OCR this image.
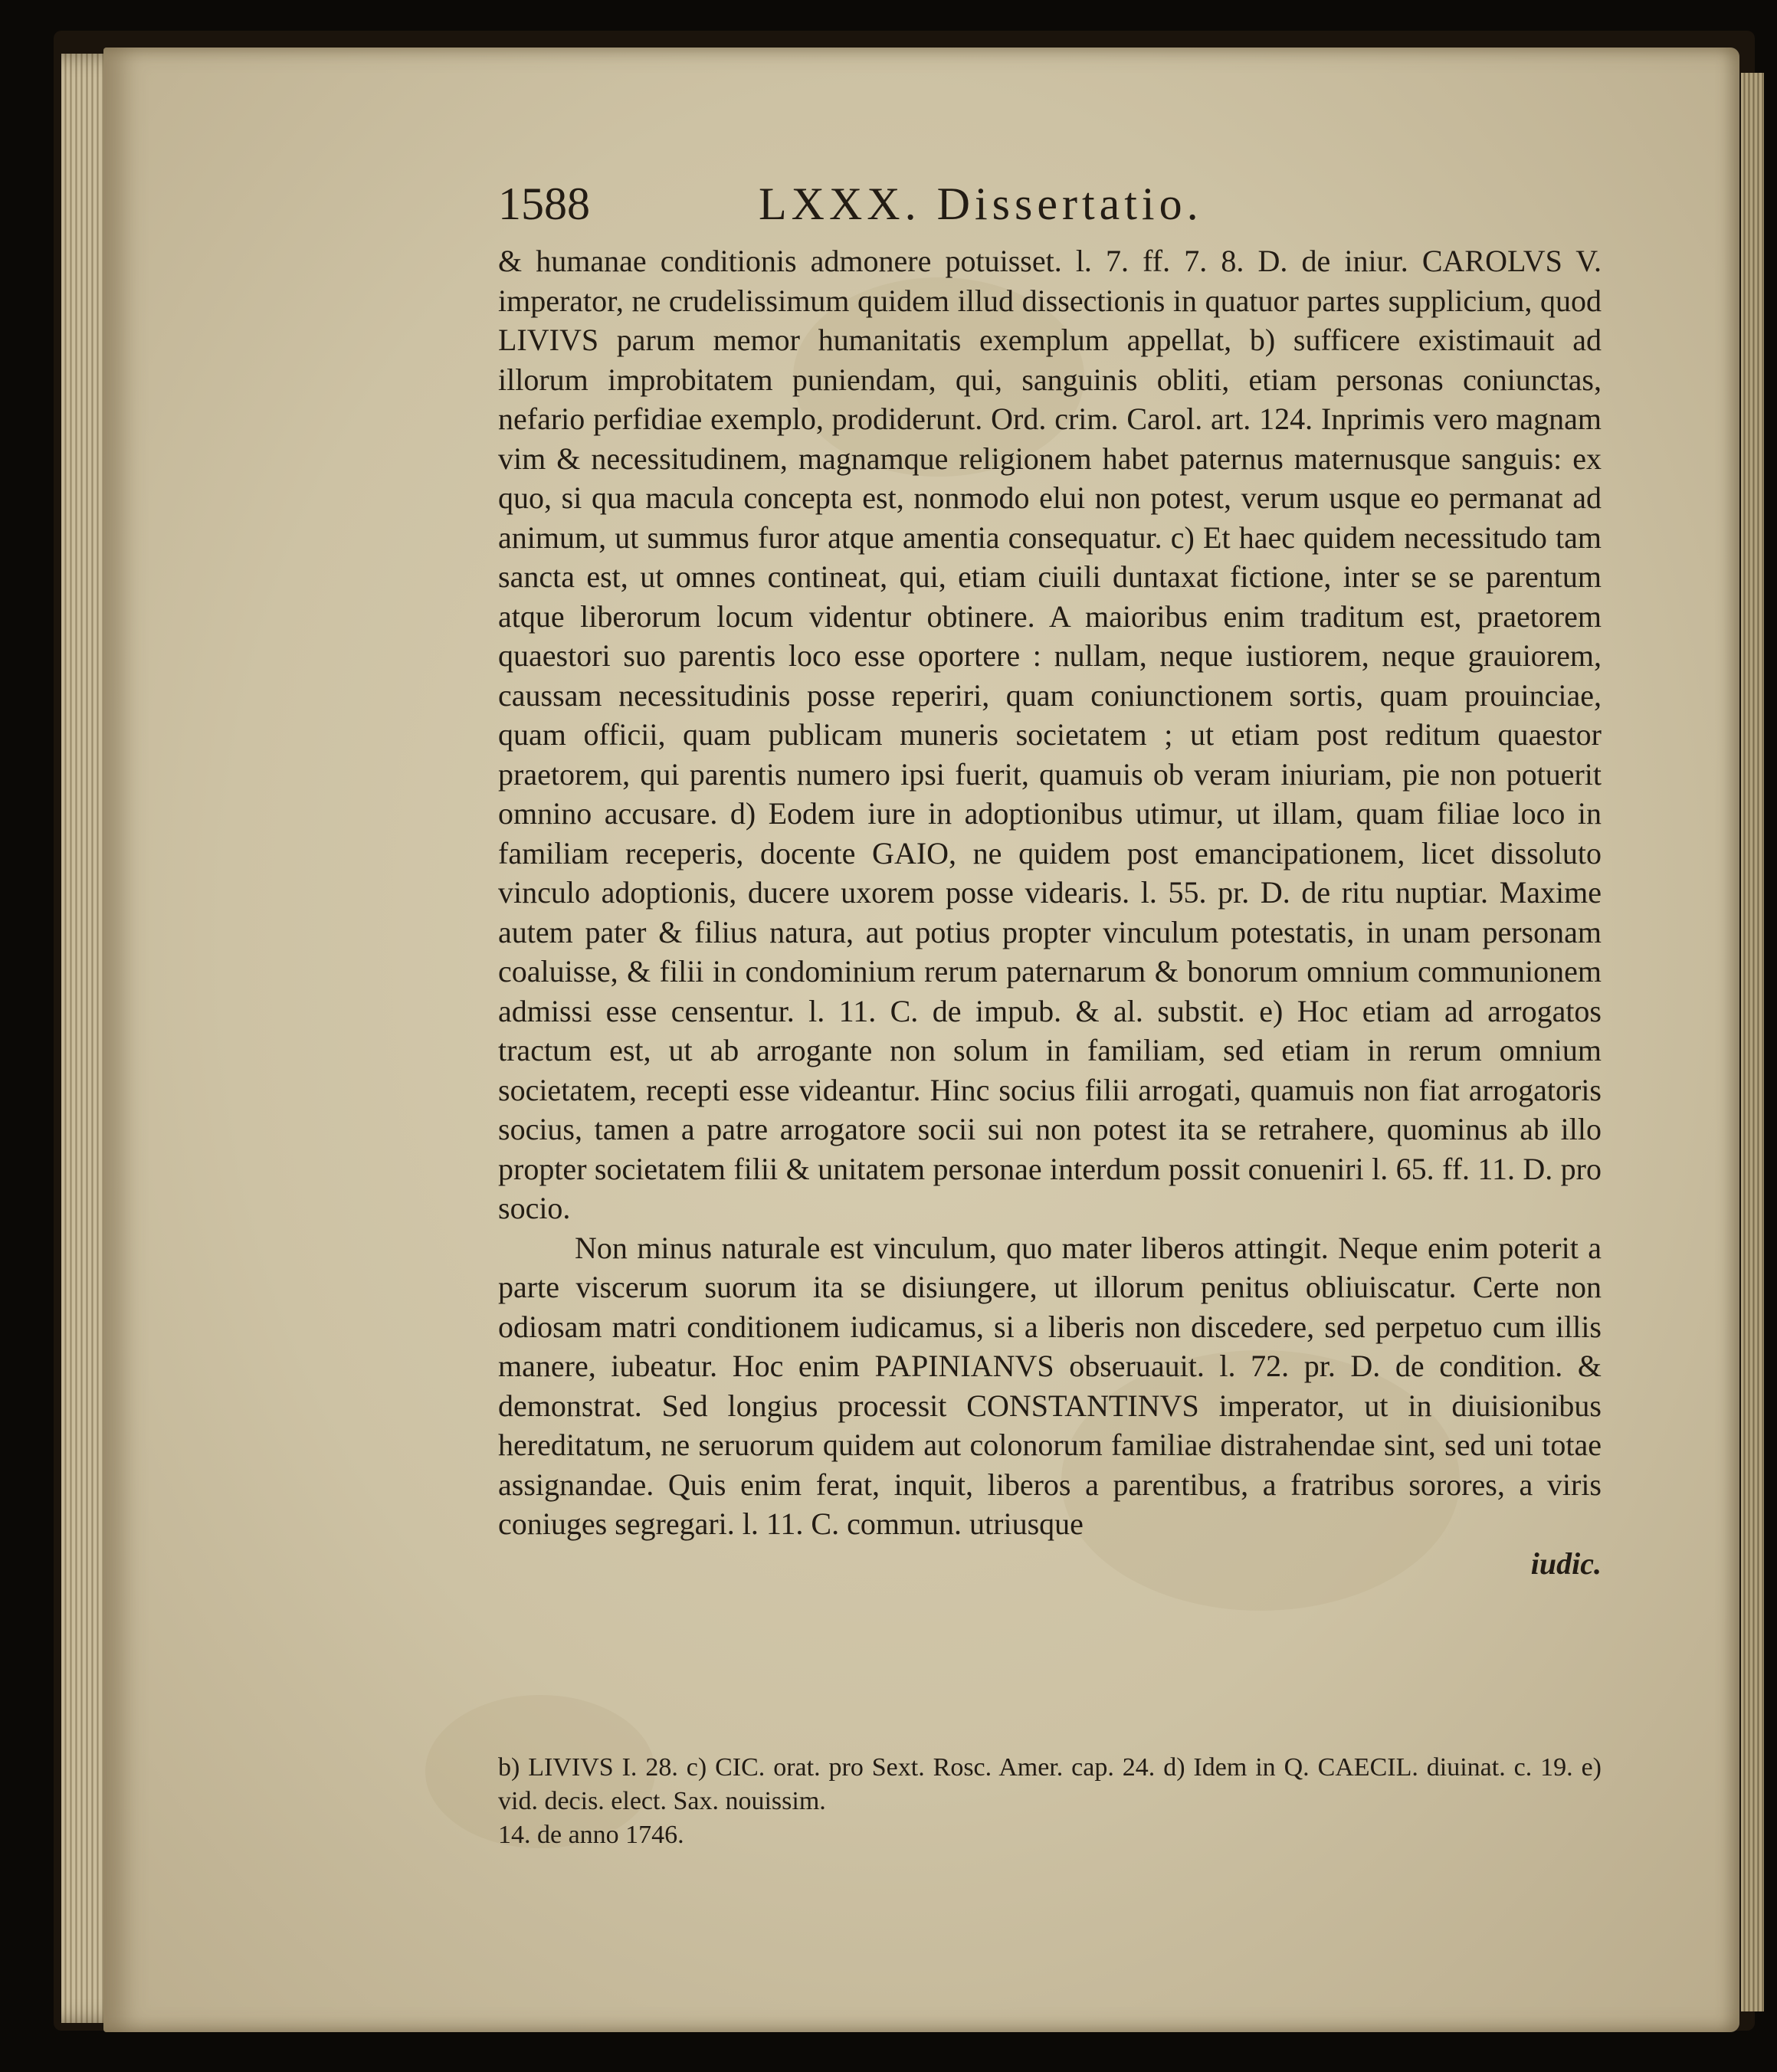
1588	LXXX. Dissertatio.

& humanae conditionis admonere potuisset. l. 7. ff. 7. 8. D. de iniur. CAROLVS V. imperator, ne crudelissimum quidem illud dissectionis in quatuor partes supplicium, quod LIVIVS parum memor humanitatis exemplum appellat, b) sufficere existimauit ad illorum improbitatem puniendam, qui, sanguinis obliti, etiam personas coniunctas, nefario perfidiae exemplo, prodiderunt. Ord. crim. Carol. art. 124. Inprimis vero magnam vim & necessitudinem, magnamque religionem habet paternus maternusque sanguis: ex quo, si qua macula concepta est, nonmodo elui non potest, verum usque eo permanat ad animum, ut summus furor atque amentia consequatur. c) Et haec quidem necessitudo tam sancta est, ut omnes contineat, qui, etiam ciuili duntaxat fictione, inter se se parentum atque liberorum locum videntur obtinere. A maioribus enim traditum est, praetorem quaestori suo parentis loco esse oportere : nullam, neque iustiorem, neque grauiorem, caussam necessitudinis posse reperiri, quam coniunctionem sortis, quam prouinciae, quam officii, quam publicam muneris societatem ; ut etiam post reditum quaestor praetorem, qui parentis numero ipsi fuerit, quamuis ob veram iniuriam, pie non potuerit omnino accusare. d) Eodem iure in adoptionibus utimur, ut illam, quam filiae loco in familiam receperis, docente GAIO, ne quidem post emancipationem, licet dissoluto vinculo adoptionis, ducere uxorem posse videaris. l. 55. pr. D. de ritu nuptiar. Maxime autem pater & filius natura, aut potius propter vinculum potestatis, in unam personam coaluisse, & filii in condominium rerum paternarum & bonorum omnium communionem admissi esse censentur. l. 11. C. de impub. & al. substit. e) Hoc etiam ad arrogatos tractum est, ut ab arrogante non solum in familiam, sed etiam in rerum omnium societatem, recepti esse videantur. Hinc socius filii arrogati, quamuis non fiat arrogatoris socius, tamen a patre arrogatore socii sui non potest ita se retrahere, quominus ab illo propter societatem filii & unitatem personae interdum possit conueniri l. 65. ff. 11. D. pro socio.

Non minus naturale est vinculum, quo mater liberos attingit. Neque enim poterit a parte viscerum suorum ita se disiungere, ut illorum penitus obliuiscatur. Certe non odiosam matri conditionem iudicamus, si a liberis non discedere, sed perpetuo cum illis manere, iubeatur. Hoc enim PAPINIANVS obseruauit. l. 72. pr. D. de condition. & demonstrat. Sed longius processit CONSTANTINVS imperator, ut in diuisionibus hereditatum, ne seruorum quidem aut colonorum familiae distrahendae sint, sed uni totae assignandae. Quis enim ferat, inquit, liberos a parentibus, a fratribus sorores, a viris coniuges segregari. l. 11. C. commun. utriusque

iudic.

b) LIVIVS I. 28. c) CIC. orat. pro Sext. Rosc. Amer. cap. 24. d) Idem in Q. CAECIL. diuinat. c. 19. e) vid. decis. elect. Sax. nouissim.

14. de anno 1746.
